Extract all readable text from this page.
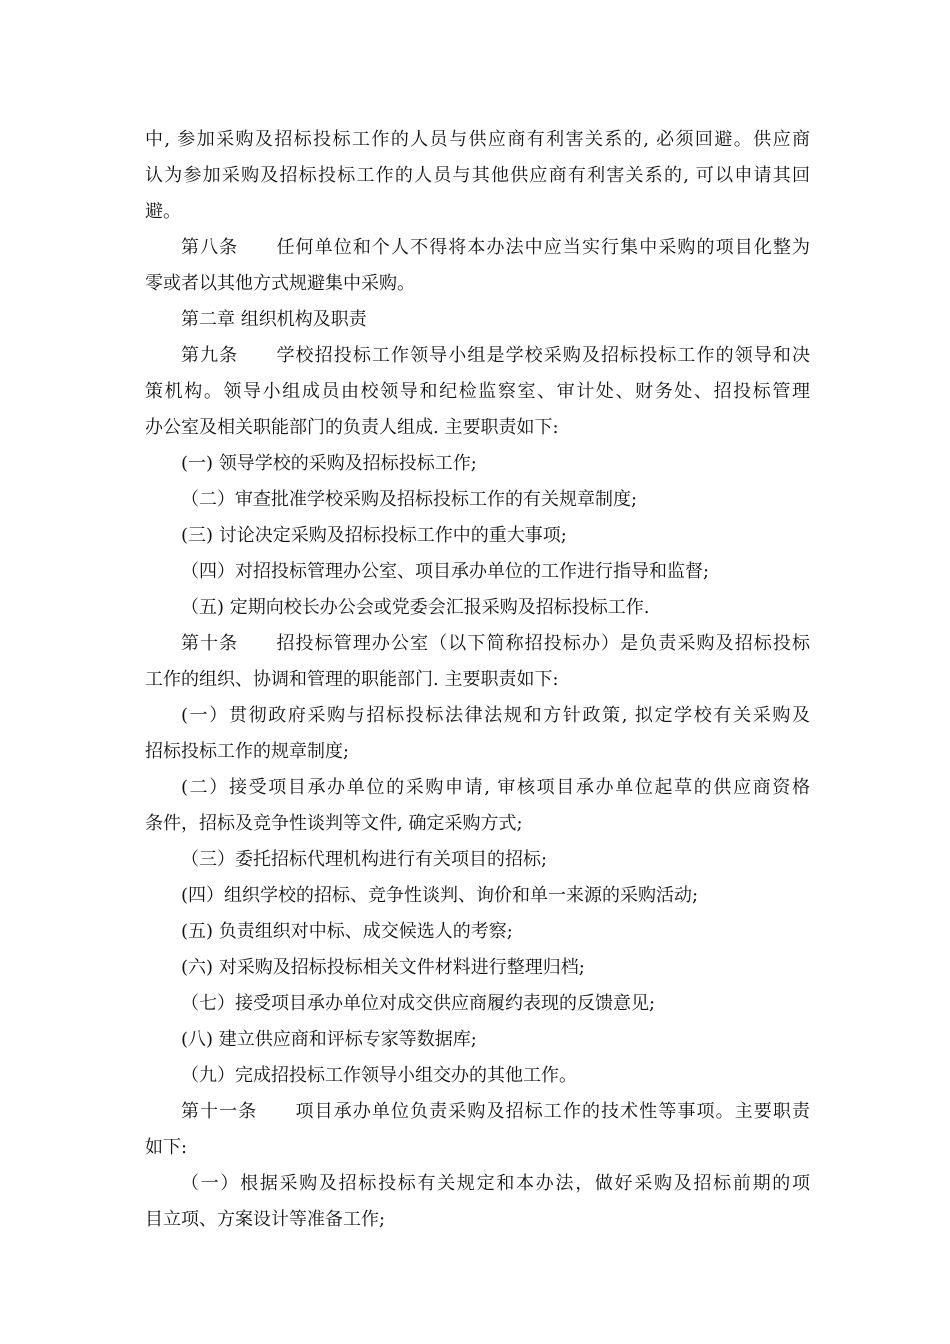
中, 参加采购及招标投标工作的人员与供应商有利害关系的, 必须回避。供应商
认为参加采购及招标投标工作的人员与其他供应商有利害关系的, 可以申请其回
避。
第八条　　任何单位和个人不得将本办法中应当实行集中采购的项目化整为
零或者以其他方式规避集中采购。
第二章 组织机构及职责
第九条　　学校招投标工作领导小组是学校采购及招标投标工作的领导和决
策机构。领导小组成员由校领导和纪检监察室、审计处、财务处、招投标管理
办公室及相关职能部门的负责人组成. 主要职责如下:
(一) 领导学校的采购及招标投标工作;
（二）审查批准学校采购及招标投标工作的有关规章制度;
(三) 讨论决定采购及招标投标工作中的重大事项;
（四）对招投标管理办公室、项目承办单位的工作进行指导和监督;
（五) 定期向校长办公会或党委会汇报采购及招标投标工作.
第十条　　招投标管理办公室（以下简称招投标办）是负责采购及招标投标
工作的组织、协调和管理的职能部门. 主要职责如下:
(一）贯彻政府采购与招标投标法律法规和方针政策, 拟定学校有关采购及
招标投标工作的规章制度;
(二）接受项目承办单位的采购申请, 审核项目承办单位起草的供应商资格
条件，招标及竞争性谈判等文件, 确定采购方式;
（三）委托招标代理机构进行有关项目的招标;
(四）组织学校的招标、竞争性谈判、询价和单一来源的采购活动;
(五) 负责组织对中标、成交候选人的考察;
(六) 对采购及招标投标相关文件材料进行整理归档;
（七）接受项目承办单位对成交供应商履约表现的反馈意见;
(八) 建立供应商和评标专家等数据库;
（九）完成招投标工作领导小组交办的其他工作。
第十一条　　项目承办单位负责采购及招标工作的技术性等事项。主要职责
如下:
（一）根据采购及招标投标有关规定和本办法，做好采购及招标前期的项
目立项、方案设计等准备工作;
